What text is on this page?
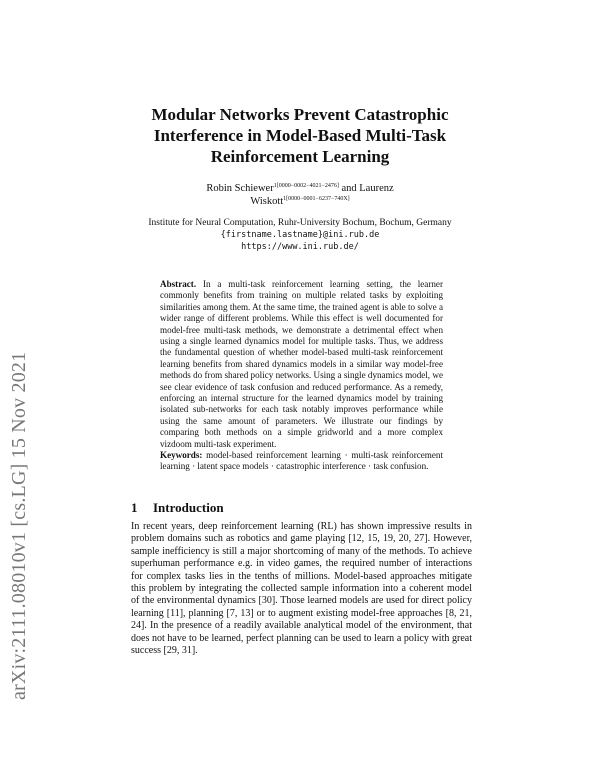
arXiv:2111.08010v1 [cs.LG] 15 Nov 2021
Modular Networks Prevent Catastrophic Interference in Model-Based Multi-Task Reinforcement Learning
Robin Schiewer$^{1[0000-0002-4021-2476]}$ and Laurenz
Wiskott$^{1[0000-0001-6237-740X]}$
Institute for Neural Computation, Ruhr-University Bochum, Bochum, Germany
{firstname.lastname}@ini.rub.de
https://www.ini.rub.de/

Abstract. In a multi-task reinforcement learning setting, the learner commonly benefits from training on multiple related tasks by exploiting similarities among them. At the same time, the trained agent is able to solve a wider range of different problems. While this effect is well documented for model-free multi-task methods, we demonstrate a detrimental effect when using a single learned dynamics model for multiple tasks. Thus, we address the fundamental question of whether model-based multi-task reinforcement learning benefits from shared dynamics models in a similar way model-free methods do from shared policy networks. Using a single dynamics model, we see clear evidence of task confusion and reduced performance. As a remedy, enforcing an internal structure for the learned dynamics model by training isolated sub-networks for each task notably improves performance while using the same amount of parameters. We illustrate our findings by comparing both methods on a simple gridworld and a more complex vizdoom multi-task experiment.

Keywords: model-based reinforcement learning · multi-task reinforcement learning · latent space models · catastrophic interference · task confusion.

1 Introduction

In recent years, deep reinforcement learning (RL) has shown impressive results in problem domains such as robotics and game playing [12, 15, 19, 20, 27]. However, sample inefficiency is still a major shortcoming of many of the methods. To achieve superhuman performance e.g. in video games, the required number of interactions for complex tasks lies in the tenths of millions. Model-based approaches mitigate this problem by integrating the collected sample information into a coherent model of the environmental dynamics [30]. Those learned models are used for direct policy learning [11], planning [7, 13] or to augment existing model-free approaches [8, 21, 24]. In the presence of a readily available analytical model of the environment, that does not have to be learned, perfect planning can be used to learn a policy with great success [29, 31].
